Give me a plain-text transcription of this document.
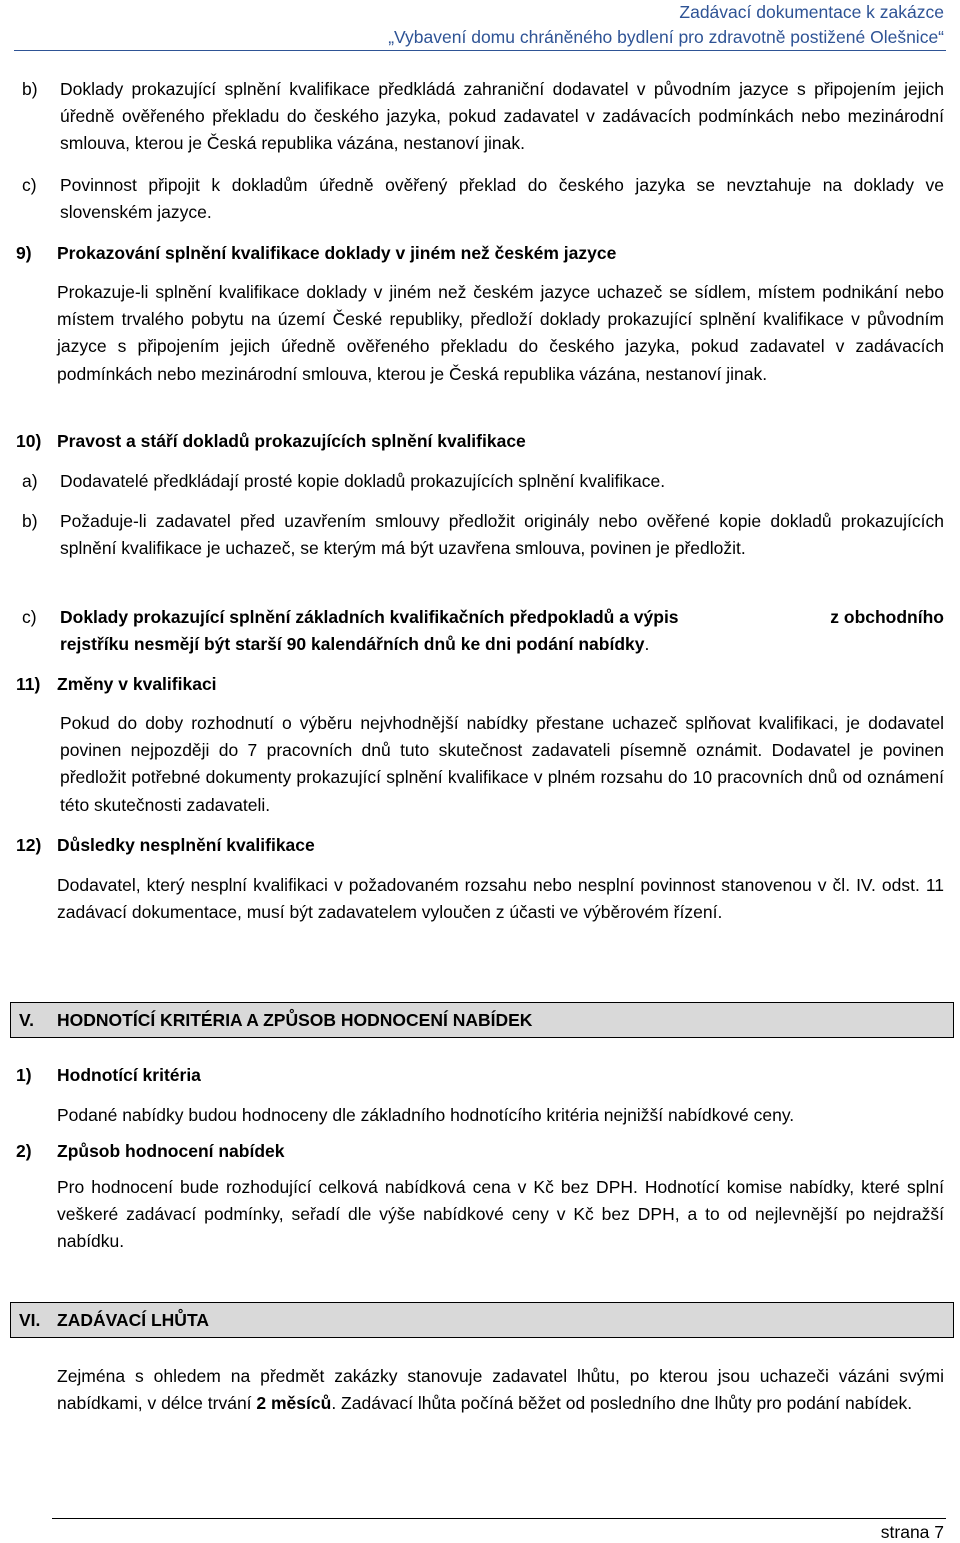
Zadávací dokumentace k zakázce
„Vybavení domu chráněného bydlení pro zdravotně postižené Olešnice“
b) Doklady prokazující splnění kvalifikace předkládá zahraniční dodavatel v původním jazyce s připojením jejich úředně ověřeného překladu do českého jazyka, pokud zadavatel v zadávacích podmínkách nebo mezinárodní smlouva, kterou je Česká republika vázána, nestanoví jinak.
c) Povinnost připojit k dokladům úředně ověřený překlad do českého jazyka se nevztahuje na doklady ve slovenském jazyce.
9) Prokazování splnění kvalifikace doklady v jiném než českém jazyce
Prokazuje-li splnění kvalifikace doklady v jiném než českém jazyce uchazeč se sídlem, místem podnikání nebo místem trvalého pobytu na území České republiky, předloží doklady prokazující splnění kvalifikace v původním jazyce s připojením jejich úředně ověřeného překladu do českého jazyka, pokud zadavatel v zadávacích podmínkách nebo mezinárodní smlouva, kterou je Česká republika vázána, nestanoví jinak.
10) Pravost a stáří dokladů prokazujících splnění kvalifikace
a) Dodavatelé předkládají prosté kopie dokladů prokazujících splnění kvalifikace.
b) Požaduje-li zadavatel před uzavřením smlouvy předložit originály nebo ověřené kopie dokladů prokazujících splnění kvalifikace je uchazeč, se kterým má být uzavřena smlouva, povinen je předložit.
c) Doklady prokazující splnění základních kvalifikačních předpokladů a výpis	z obchodního
rejstříku nesmějí být starší 90 kalendářních dnů ke dni podání nabídky.
11) Změny v kvalifikaci
Pokud do doby rozhodnutí o výběru nejvhodnější nabídky přestane uchazeč splňovat kvalifikaci, je dodavatel povinen nejpozději do 7 pracovních dnů tuto skutečnost zadavateli písemně oznámit. Dodavatel je povinen předložit potřebné dokumenty prokazující splnění kvalifikace v plném rozsahu do 10 pracovních dnů od oznámení této skutečnosti zadavateli.
12) Důsledky nesplnění kvalifikace
Dodavatel, který nesplní kvalifikaci v požadovaném rozsahu nebo nesplní povinnost stanovenou v čl. IV. odst. 11 zadávací dokumentace, musí být zadavatelem vyloučen z účasti ve výběrovém řízení.
V. HODNOTÍCÍ KRITÉRIA A ZPŮSOB HODNOCENÍ NABÍDEK
1) Hodnotící kritéria
Podané nabídky budou hodnoceny dle základního hodnotícího kritéria nejnižší nabídkové ceny.
2) Způsob hodnocení nabídek
Pro hodnocení bude rozhodující celková nabídková cena v Kč bez DPH. Hodnotící komise nabídky, které splní veškeré zadávací podmínky, seřadí dle výše nabídkové ceny v Kč bez DPH, a to od nejlevnější po nejdražší nabídku.
VI. ZADÁVACÍ LHŮTA
Zejména s ohledem na předmět zakázky stanovuje zadavatel lhůtu, po kterou jsou uchazeči vázáni svými nabídkami, v délce trvání 2 měsíců. Zadávací lhůta počíná běžet od posledního dne lhůty pro podání nabídek.
strana 7
